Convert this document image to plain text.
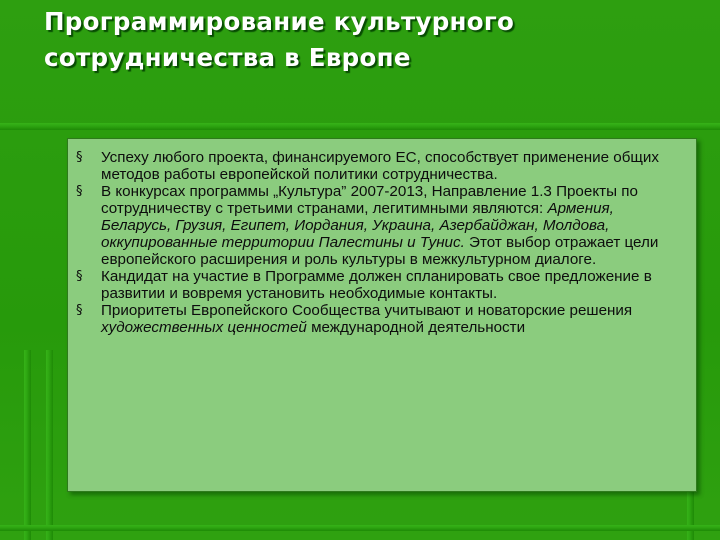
Программирование культурного
сотрудничества в Европе
§ Успеху любого проекта, финансируемого ЕС, способствует применение общих методов работы европейской политики сотрудничества.
§ В конкурсах программы „Культура” 2007-2013, Направление 1.3 Проекты по сотрудничеству с третьими странами, легитимными являются: Армения, Беларусь, Грузия, Египет, Иордания, Украина, Азербайджан, Молдова, оккупированные территории Палестины и Тунис. Этот выбор отражает цели европейского расширения и роль культуры в межкультурном диалоге.
§ Кандидат на участие в Программе должен спланировать свое предложение в развитии и вовремя установить необходимые контакты.
§ Приоритеты Европейского Сообщества учитывают и новаторские решения художественных ценностей международной деятельности
